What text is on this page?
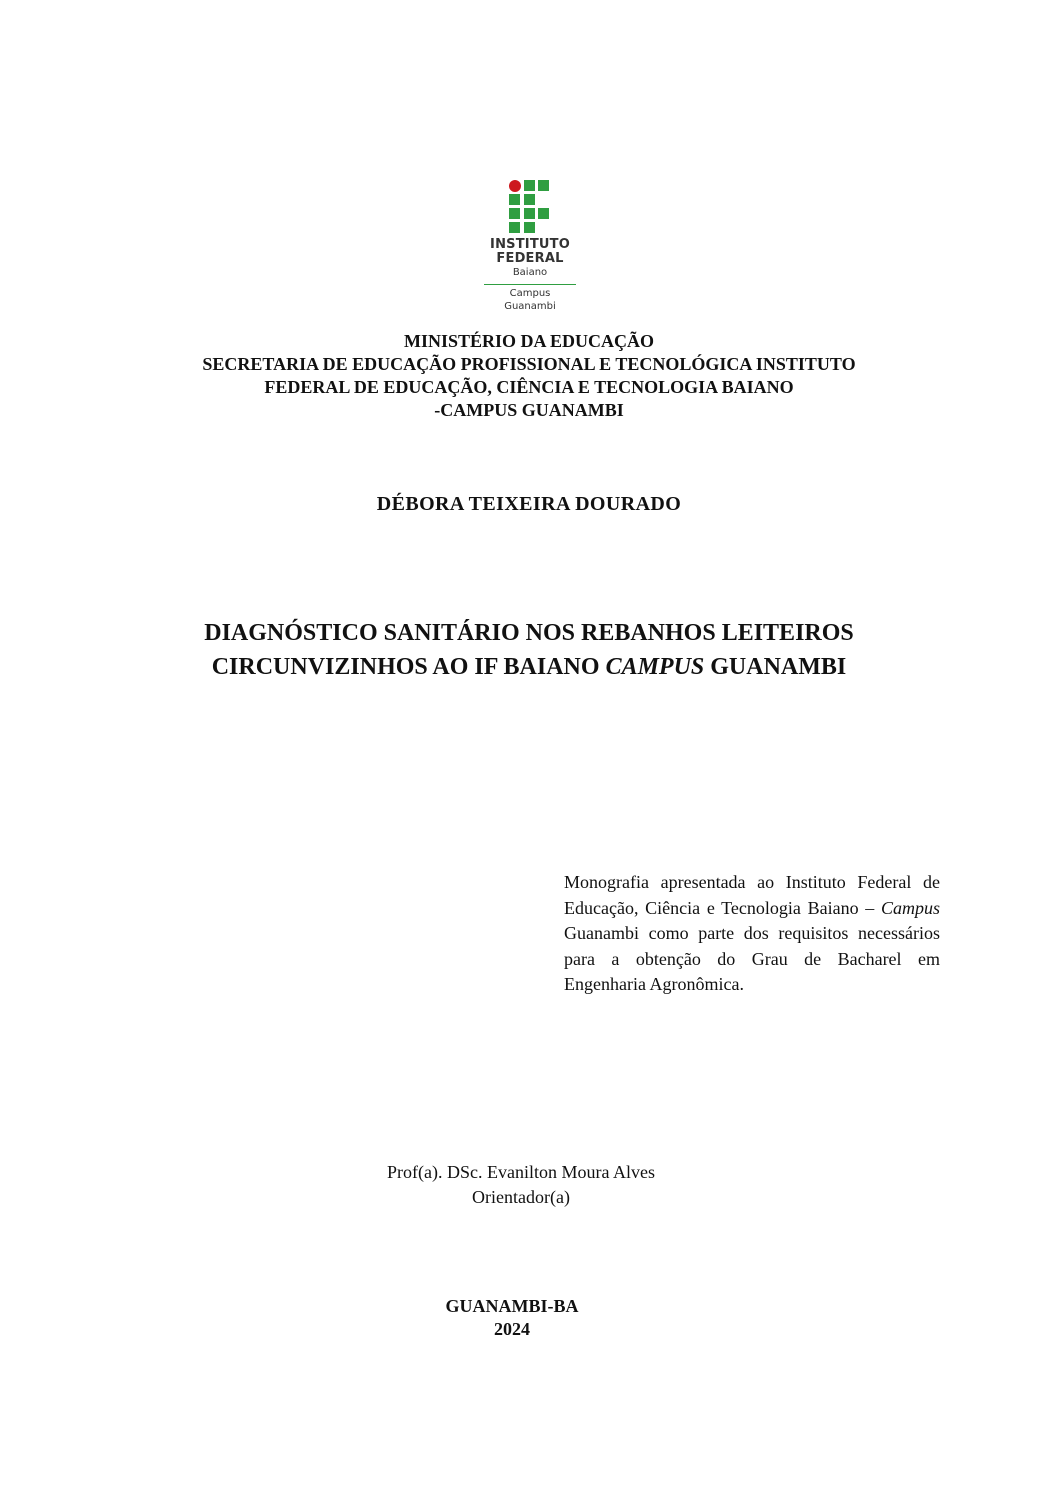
INSTITUTO
FEDERAL
Baiano
Campus
Guanambi
MINISTÉRIO DA EDUCAÇÃO
SECRETARIA DE EDUCAÇÃO PROFISSIONAL E TECNOLÓGICA INSTITUTO
FEDERAL DE EDUCAÇÃO, CIÊNCIA E TECNOLOGIA BAIANO
-CAMPUS GUANAMBI
DÉBORA TEIXEIRA DOURADO
DIAGNÓSTICO SANITÁRIO NOS REBANHOS LEITEIROS
CIRCUNVIZINHOS AO IF BAIANO CAMPUS GUANAMBI
Monografia apresentada ao Instituto Federal de Educação, Ciência e Tecnologia Baiano – Campus Guanambi como parte dos requisitos necessários para a obtenção do Grau de Bacharel em Engenharia Agronômica.
Prof(a). DSc. Evanilton Moura Alves
Orientador(a)
GUANAMBI-BA
2024
